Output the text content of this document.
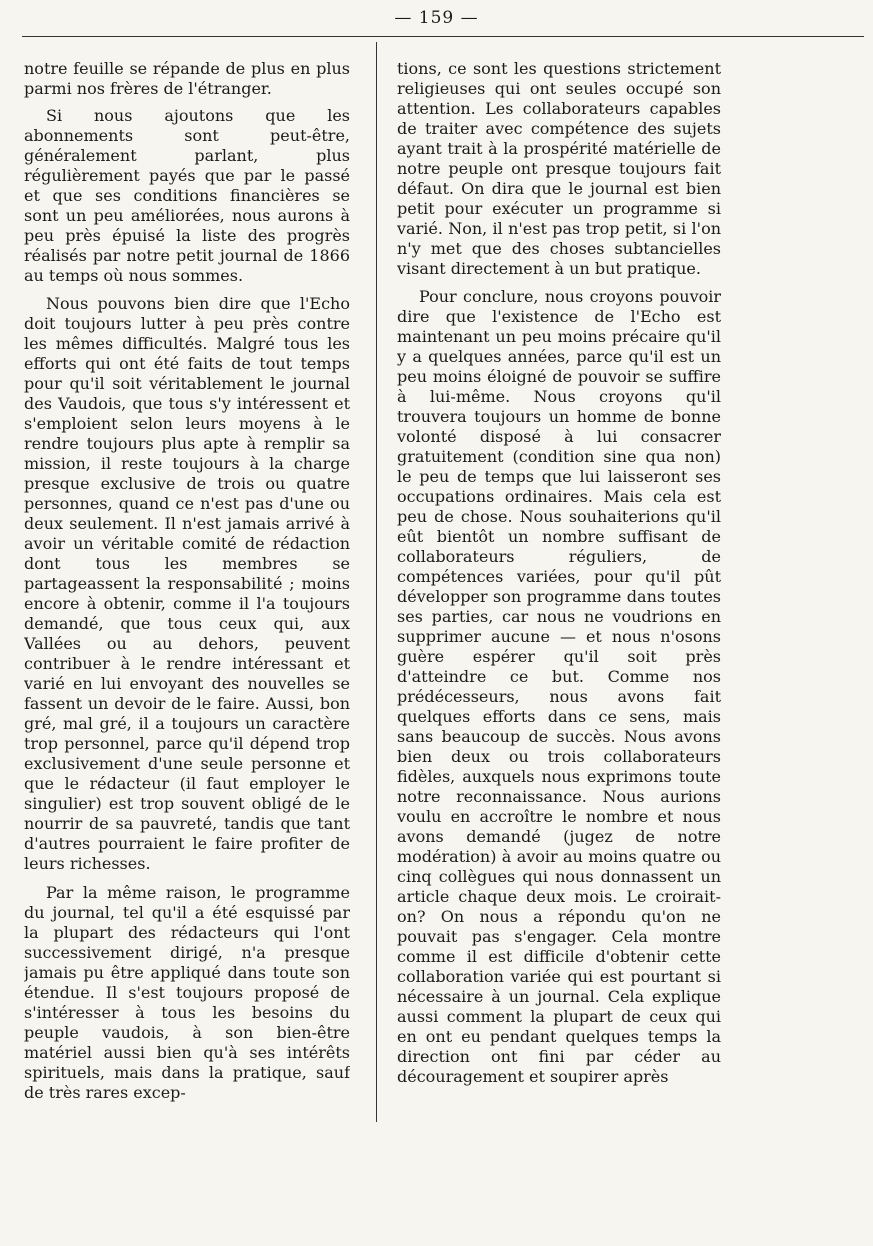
— 159 —

notre feuille se répande de plus en plus parmi nos frères de l'étranger.

Si nous ajoutons que les abonnements sont peut-être, généralement parlant, plus régulièrement payés que par le passé et que ses conditions financières se sont un peu améliorées, nous aurons à peu près épuisé la liste des progrès réalisés par notre petit journal de 1866 au temps où nous sommes.

Nous pouvons bien dire que l'Echo doit toujours lutter à peu près contre les mêmes difficultés. Malgré tous les efforts qui ont été faits de tout temps pour qu'il soit véritablement le journal des Vaudois, que tous s'y intéressent et s'emploient selon leurs moyens à le rendre toujours plus apte à remplir sa mission, il reste toujours à la charge presque exclusive de trois ou quatre personnes, quand ce n'est pas d'une ou deux seulement. Il n'est jamais arrivé à avoir un véritable comité de rédaction dont tous les membres se partageassent la responsabilité ; moins encore à obtenir, comme il l'a toujours demandé, que tous ceux qui, aux Vallées ou au dehors, peuvent contribuer à le rendre intéressant et varié en lui envoyant des nouvelles se fassent un devoir de le faire. Aussi, bon gré, mal gré, il a toujours un caractère trop personnel, parce qu'il dépend trop exclusivement d'une seule personne et que le rédacteur (il faut employer le singulier) est trop souvent obligé de le nourrir de sa pauvreté, tandis que tant d'autres pourraient le faire profiter de leurs richesses.

Par la même raison, le programme du journal, tel qu'il a été esquissé par la plupart des rédacteurs qui l'ont successivement dirigé, n'a presque jamais pu être appliqué dans toute son étendue. Il s'est toujours proposé de s'intéresser à tous les besoins du peuple vaudois, à son bien-être matériel aussi bien qu'à ses intérêts spirituels, mais dans la pratique, sauf de très rares excep-

tions, ce sont les questions strictement religieuses qui ont seules occupé son attention. Les collaborateurs capables de traiter avec compétence des sujets ayant trait à la prospérité matérielle de notre peuple ont presque toujours fait défaut. On dira que le journal est bien petit pour exécuter un programme si varié. Non, il n'est pas trop petit, si l'on n'y met que des choses subtancielles visant directement à un but pratique.

Pour conclure, nous croyons pouvoir dire que l'existence de l'Echo est maintenant un peu moins précaire qu'il y a quelques années, parce qu'il est un peu moins éloigné de pouvoir se suffire à lui-même. Nous croyons qu'il trouvera toujours un homme de bonne volonté disposé à lui consacrer gratuitement (condition sine qua non) le peu de temps que lui laisseront ses occupations ordinaires. Mais cela est peu de chose. Nous souhaiterions qu'il eût bientôt un nombre suffisant de collaborateurs réguliers, de compétences variées, pour qu'il pût développer son programme dans toutes ses parties, car nous ne voudrions en supprimer aucune — et nous n'osons guère espérer qu'il soit près d'atteindre ce but. Comme nos prédécesseurs, nous avons fait quelques efforts dans ce sens, mais sans beaucoup de succès. Nous avons bien deux ou trois collaborateurs fidèles, auxquels nous exprimons toute notre reconnaissance. Nous aurions voulu en accroître le nombre et nous avons demandé (jugez de notre modération) à avoir au moins quatre ou cinq collègues qui nous donnassent un article chaque deux mois. Le croirait-on? On nous a répondu qu'on ne pouvait pas s'engager. Cela montre comme il est difficile d'obtenir cette collaboration variée qui est pourtant si nécessaire à un journal. Cela explique aussi comment la plupart de ceux qui en ont eu pendant quelques temps la direction ont fini par céder au découragement et soupirer après
